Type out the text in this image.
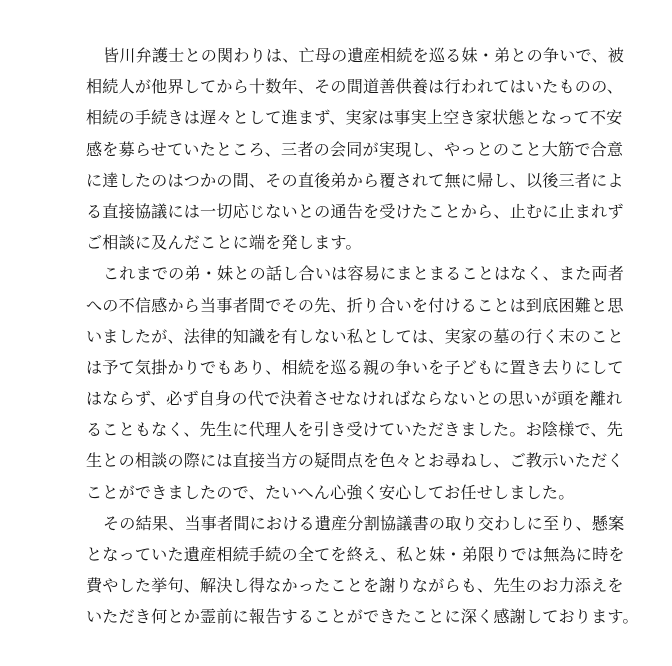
皆川弁護士との関わりは、亡母の遺産相続を巡る妹・弟との争いで、被
相続人が他界してから十数年、その間道善供養は行われてはいたものの、
相続の手続きは遅々として進まず、実家は事実上空き家状態となって不安
感を募らせていたところ、三者の会同が実現し、やっとのこと大筋で合意
に達したのはつかの間、その直後弟から覆されて無に帰し、以後三者によ
る直接協議には一切応じないとの通告を受けたことから、止むに止まれず
ご相談に及んだことに端を発します。
これまでの弟・妹との話し合いは容易にまとまることはなく、また両者
への不信感から当事者間でその先、折り合いを付けることは到底困難と思
いましたが、法律的知識を有しない私としては、実家の墓の行く末のこと
は予て気掛かりでもあり、相続を巡る親の争いを子どもに置き去りにして
はならず、必ず自身の代で決着させなければならないとの思いが頭を離れ
ることもなく、先生に代理人を引き受けていただきました。お陰様で、先
生との相談の際には直接当方の疑問点を色々とお尋ねし、ご教示いただく
ことができましたので、たいへん心強く安心してお任せしました。
その結果、当事者間における遺産分割協議書の取り交わしに至り、懸案
となっていた遺産相続手続の全てを終え、私と妹・弟限りでは無為に時を
費やした挙句、解決し得なかったことを謝りながらも、先生のお力添えを
いただき何とか霊前に報告することができたことに深く感謝しております。
